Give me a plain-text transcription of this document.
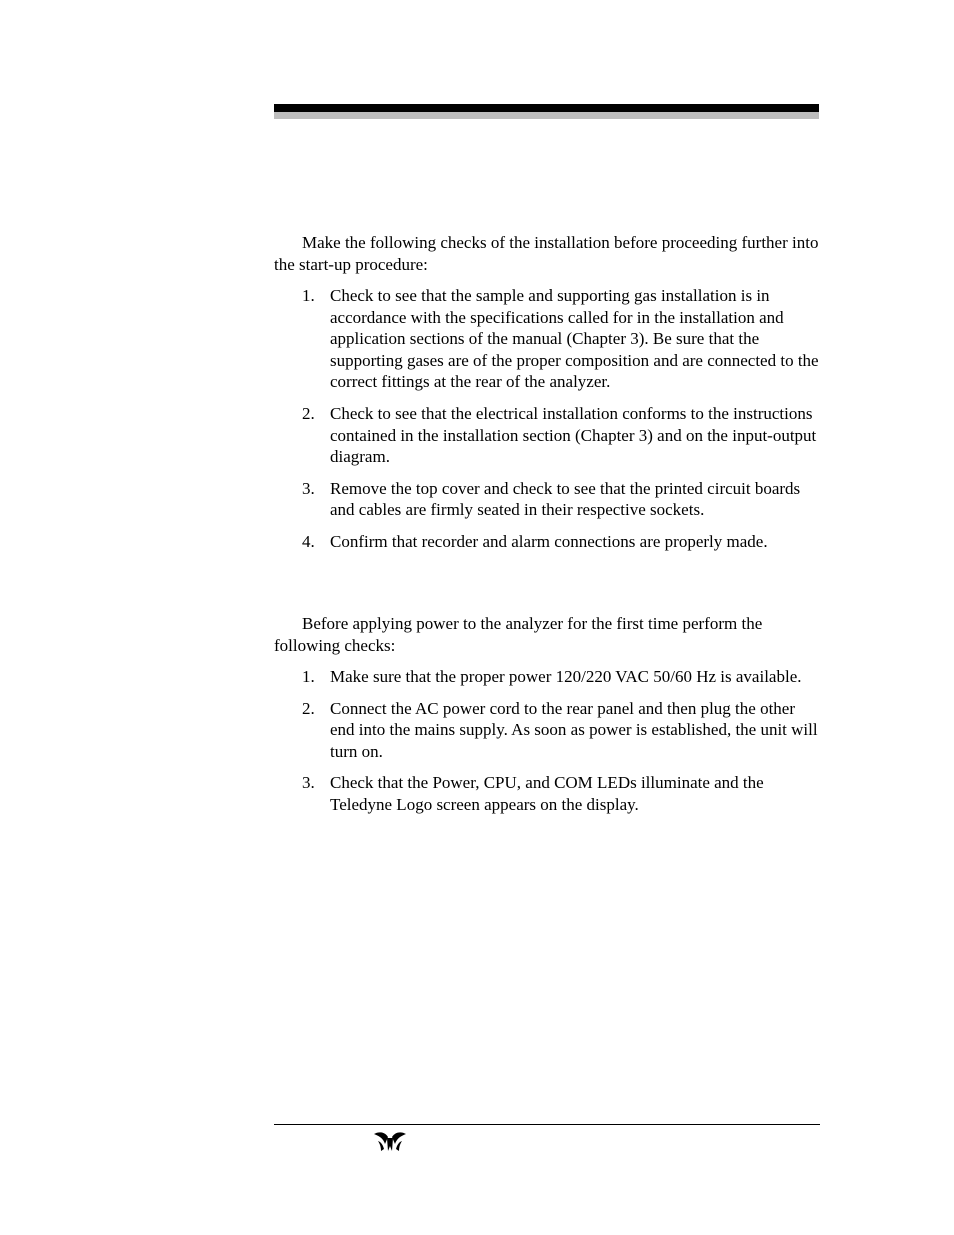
Make the following checks of the installation before proceeding further into the start-up procedure:

1. Check to see that the sample and supporting gas installation is in accordance with the specifications called for in the installation and application sections of the manual (Chapter 3). Be sure that the supporting gases are of the proper composition and are connected to the correct fittings at the rear of the analyzer.
2. Check to see that the electrical installation conforms to the instructions contained in the installation section (Chapter 3) and on the input-output diagram.
3. Remove the top cover and check to see that the printed circuit boards and cables are firmly seated in their respective sockets.
4. Confirm that recorder and alarm connections are properly made.

Before applying power to the analyzer for the first time perform the following checks:

1. Make sure that the proper power 120/220 VAC 50/60 Hz is available.
2. Connect the AC power cord to the rear panel and then plug the other end into the mains supply. As soon as power is established, the unit will turn on.
3. Check that the Power, CPU, and COM LEDs illuminate and the Teledyne Logo screen appears on the display.
